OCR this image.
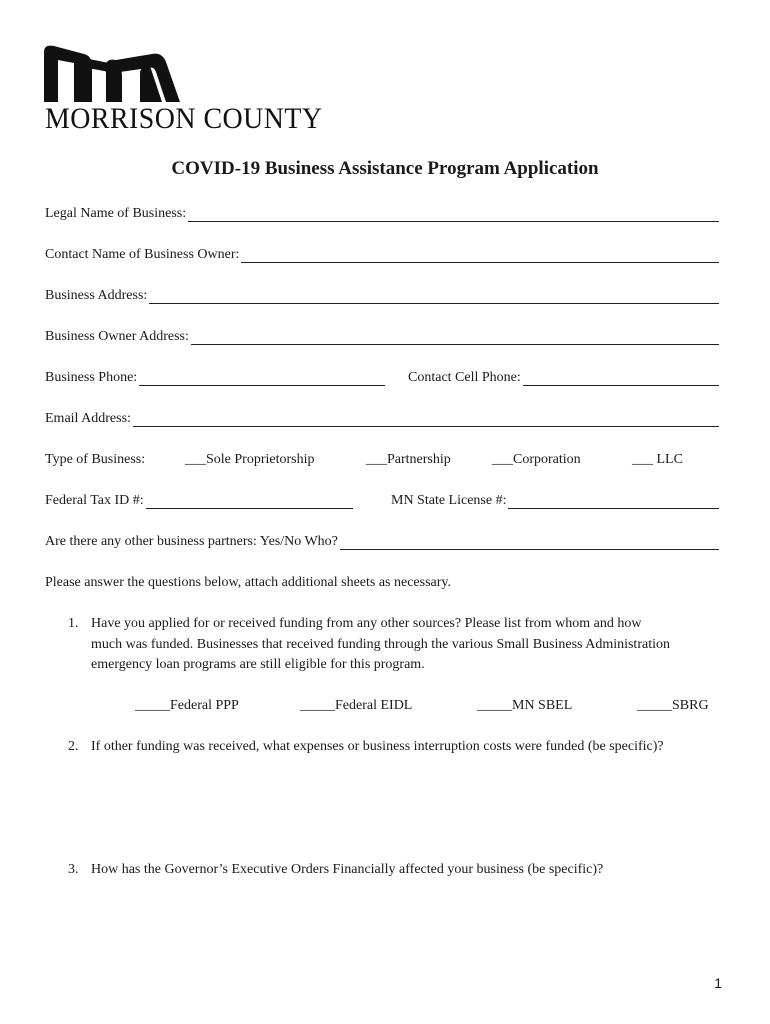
MORRISON COUNTY
COVID-19 Business Assistance Program Application
Legal Name of Business:
Contact Name of Business Owner:
Business Address:
Business Owner Address:
Business Phone:	Contact Cell Phone:
Email Address:
Type of Business:	___Sole Proprietorship	___Partnership	___Corporation	___ LLC
Federal Tax ID #:	MN State License #:
Are there any other business partners: Yes/No Who?
Please answer the questions below, attach additional sheets as necessary.
1. Have you applied for or received funding from any other sources? Please list from whom and how
much was funded. Businesses that received funding through the various Small Business Administration
emergency loan programs are still eligible for this program.
_____Federal PPP	_____Federal EIDL	_____MN SBEL	_____SBRG
2. If other funding was received, what expenses or business interruption costs were funded (be specific)?
3. How has the Governor’s Executive Orders Financially affected your business (be specific)?
1
